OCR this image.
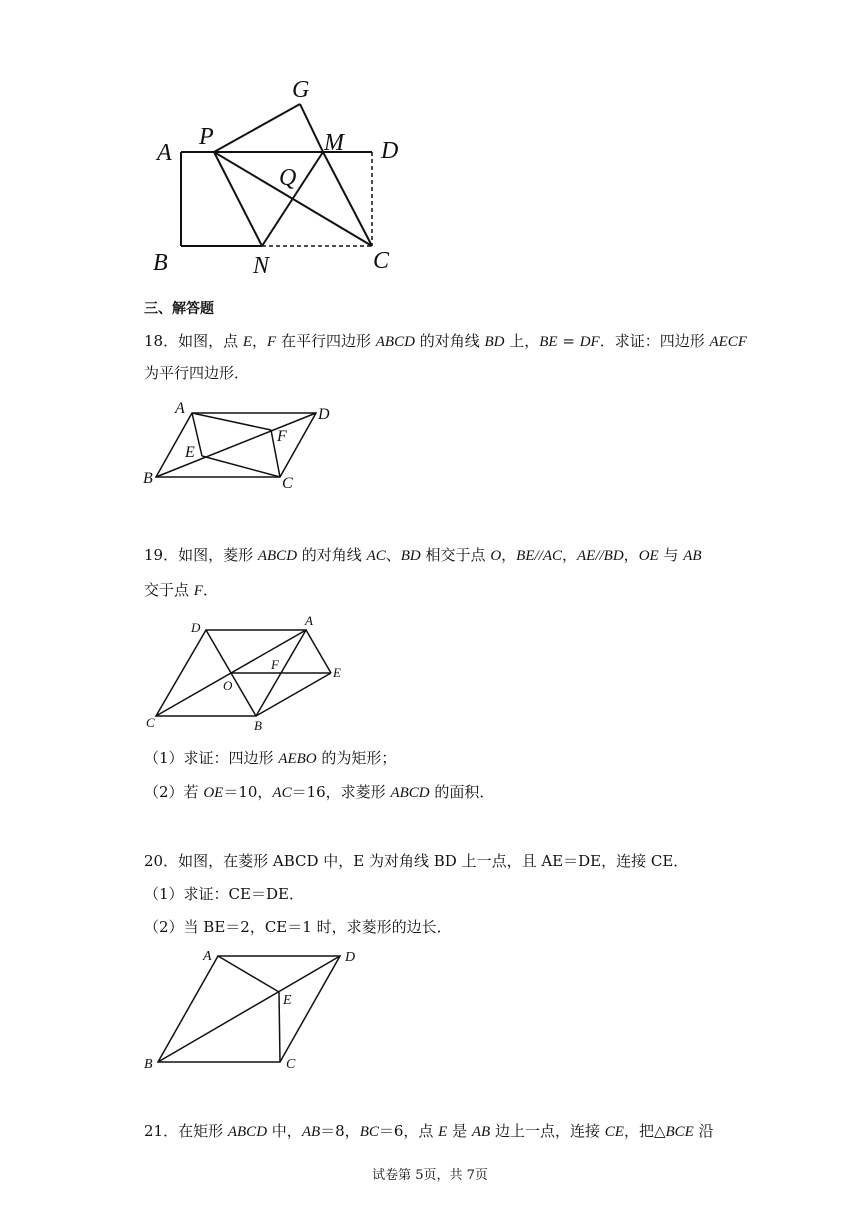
G
P	M
A	D
Q
B	N	C
三、解答题
18．如图，点 E，F 在平行四边形 ABCD 的对角线 BD 上，BE = DF．求证：四边形 AECF
为平行四边形．
A	D
F
E
B	C
19．如图，菱形 ABCD 的对角线 AC、BD 相交于点 O，BE//AC，AE//BD，OE 与 AB
交于点 F．
D	A
F
E
O
C	B
（1）求证：四边形 AEBO 的为矩形；
（2）若 OE＝10，AC＝16，求菱形 ABCD 的面积．
20．如图，在菱形 ABCD 中，E 为对角线 BD 上一点，且 AE＝DE，连接 CE．
（1）求证：CE＝DE．
（2）当 BE＝2，CE＝1 时，求菱形的边长．
A	D
E
B	C
21．在矩形 ABCD 中，AB＝8，BC＝6，点 E 是 AB 边上一点，连接 CE，把△BCE 沿
试卷第 5页，共 7页
